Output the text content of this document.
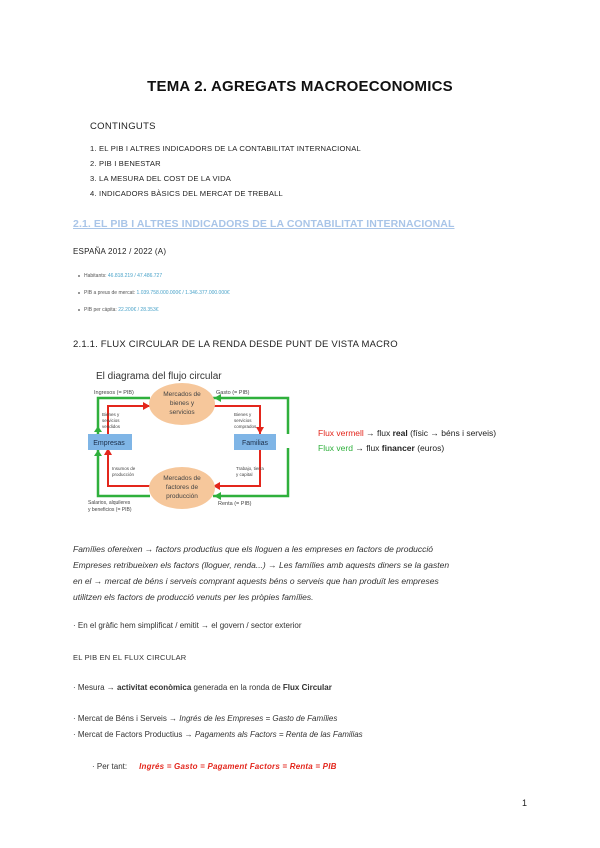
TEMA 2. AGREGATS MACROECONOMICS
CONTINGUTS
1. EL PIB I ALTRES INDICADORS DE LA CONTABILITAT INTERNACIONAL
2. PIB I BENESTAR
3. LA MESURA DEL COST DE LA VIDA
4. INDICADORS BÀSICS DEL MERCAT DE TREBALL
2.1. EL PIB I ALTRES INDICADORS DE LA CONTABILITAT INTERNACIONAL
ESPAÑA 2012 / 2022 (A)
Habitants: 46.818.219 / 47.486.727
PIB a preus de mercat: 1.039.758.000.000€ / 1.346.377.000.000€
PIB per càpita: 22.200€ / 28.353€
2.1.1. FLUX CIRCULAR DE LA RENDA DESDE PUNT DE VISTA MACRO
El diagrama del flujo circular
Mercados de
bienes y
servicios
Mercados de
factores de
producción
Empresas	Familias
Ingresos (= PIB)	Gasto (= PIB)
Bienes y
servicios
vendidos
Bienes y
servicios
comprados
Insumos de
producción
Trabajo, tierra
y capital
Salarios, alquileres
y beneficios (= PIB)
Renta (= PIB)
Flux vermell → flux real (físic → béns i serveis)
Flux verd → flux financer (euros)
Famílies ofereixen → factors productius que els lloguen a les empreses en factors de producció
Empreses retribueixen els factors (lloguer, renda...) → Les famílies amb aquests diners se la gasten
en el → mercat de béns i serveis comprant aquests béns o serveis que han produït les empreses
utilitzen els factors de producció venuts per les pròpies famílies.
· En el gràfic hem simplificat / emitit → el govern / sector exterior
EL PIB EN EL FLUX CIRCULAR
· Mesura → activitat econòmica generada en la ronda de Flux Circular
· Mercat de Béns i Serveis → Ingrés de les Empreses = Gasto de Famílies
· Mercat de Factors Productius → Pagaments als Factors = Renta de las Familias
· Per tant: Ingrés = Gasto = Pagament Factors = Renta = PIB
1
